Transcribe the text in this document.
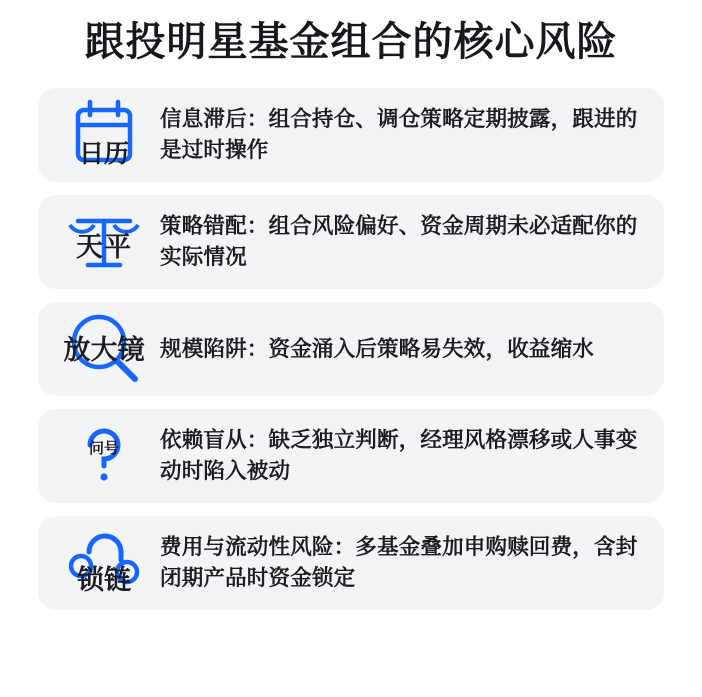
跟投明星基金组合的核心风险
日历
信息滞后：组合持仓、调仓策略定期披露，跟进的是过时操作
天平
策略错配：组合风险偏好、资金周期未必适配你的实际情况
放大镜 规模陷阱：资金涌入后策略易失效，收益缩水
问号	依赖盲从：缺乏独立判断，经理风格漂移或人事变动时陷入被动
锁链
费用与流动性风险：多基金叠加申购赎回费，含封闭期产品时资金锁定
